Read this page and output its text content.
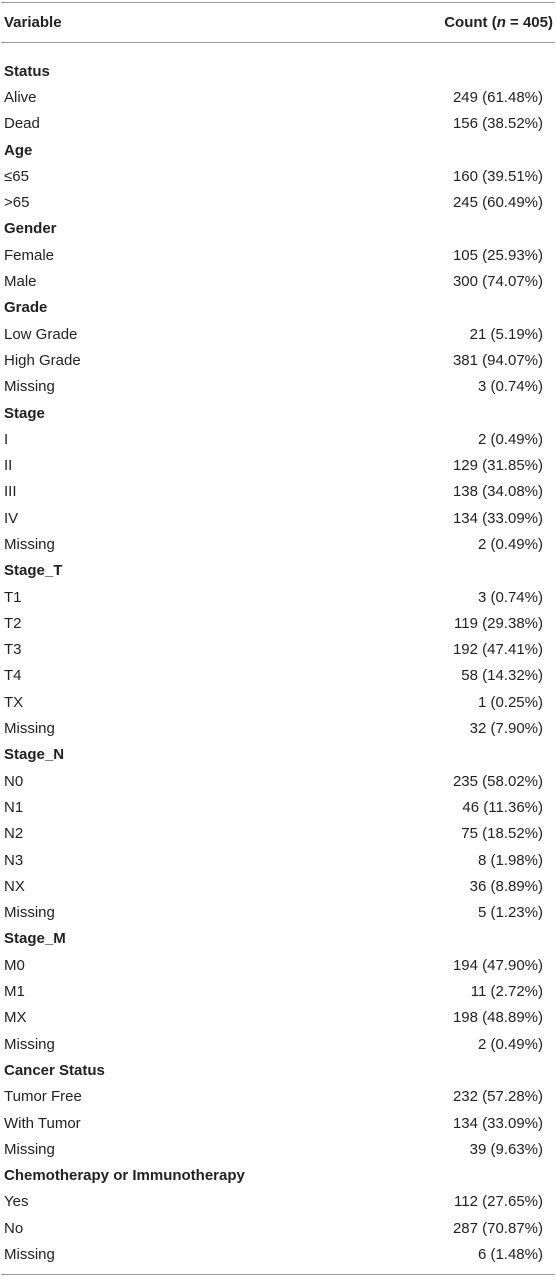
Variable	Count (n = 405)
Status
Alive	249 (61.48%)
Dead	156 (38.52%)
Age
≤65	160 (39.51%)
>65	245 (60.49%)
Gender
Female	105 (25.93%)
Male	300 (74.07%)
Grade
Low Grade	21 (5.19%)
High Grade	381 (94.07%)
Missing	3 (0.74%)
Stage
I	2 (0.49%)
II	129 (31.85%)
III	138 (34.08%)
IV	134 (33.09%)
Missing	2 (0.49%)
Stage_T
T1	3 (0.74%)
T2	119 (29.38%)
T3	192 (47.41%)
T4	58 (14.32%)
TX	1 (0.25%)
Missing	32 (7.90%)
Stage_N
N0	235 (58.02%)
N1	46 (11.36%)
N2	75 (18.52%)
N3	8 (1.98%)
NX	36 (8.89%)
Missing	5 (1.23%)
Stage_M
M0	194 (47.90%)
M1	11 (2.72%)
MX	198 (48.89%)
Missing	2 (0.49%)
Cancer Status
Tumor Free	232 (57.28%)
With Tumor	134 (33.09%)
Missing	39 (9.63%)
Chemotherapy or Immunotherapy
Yes	112 (27.65%)
No	287 (70.87%)
Missing	6 (1.48%)
